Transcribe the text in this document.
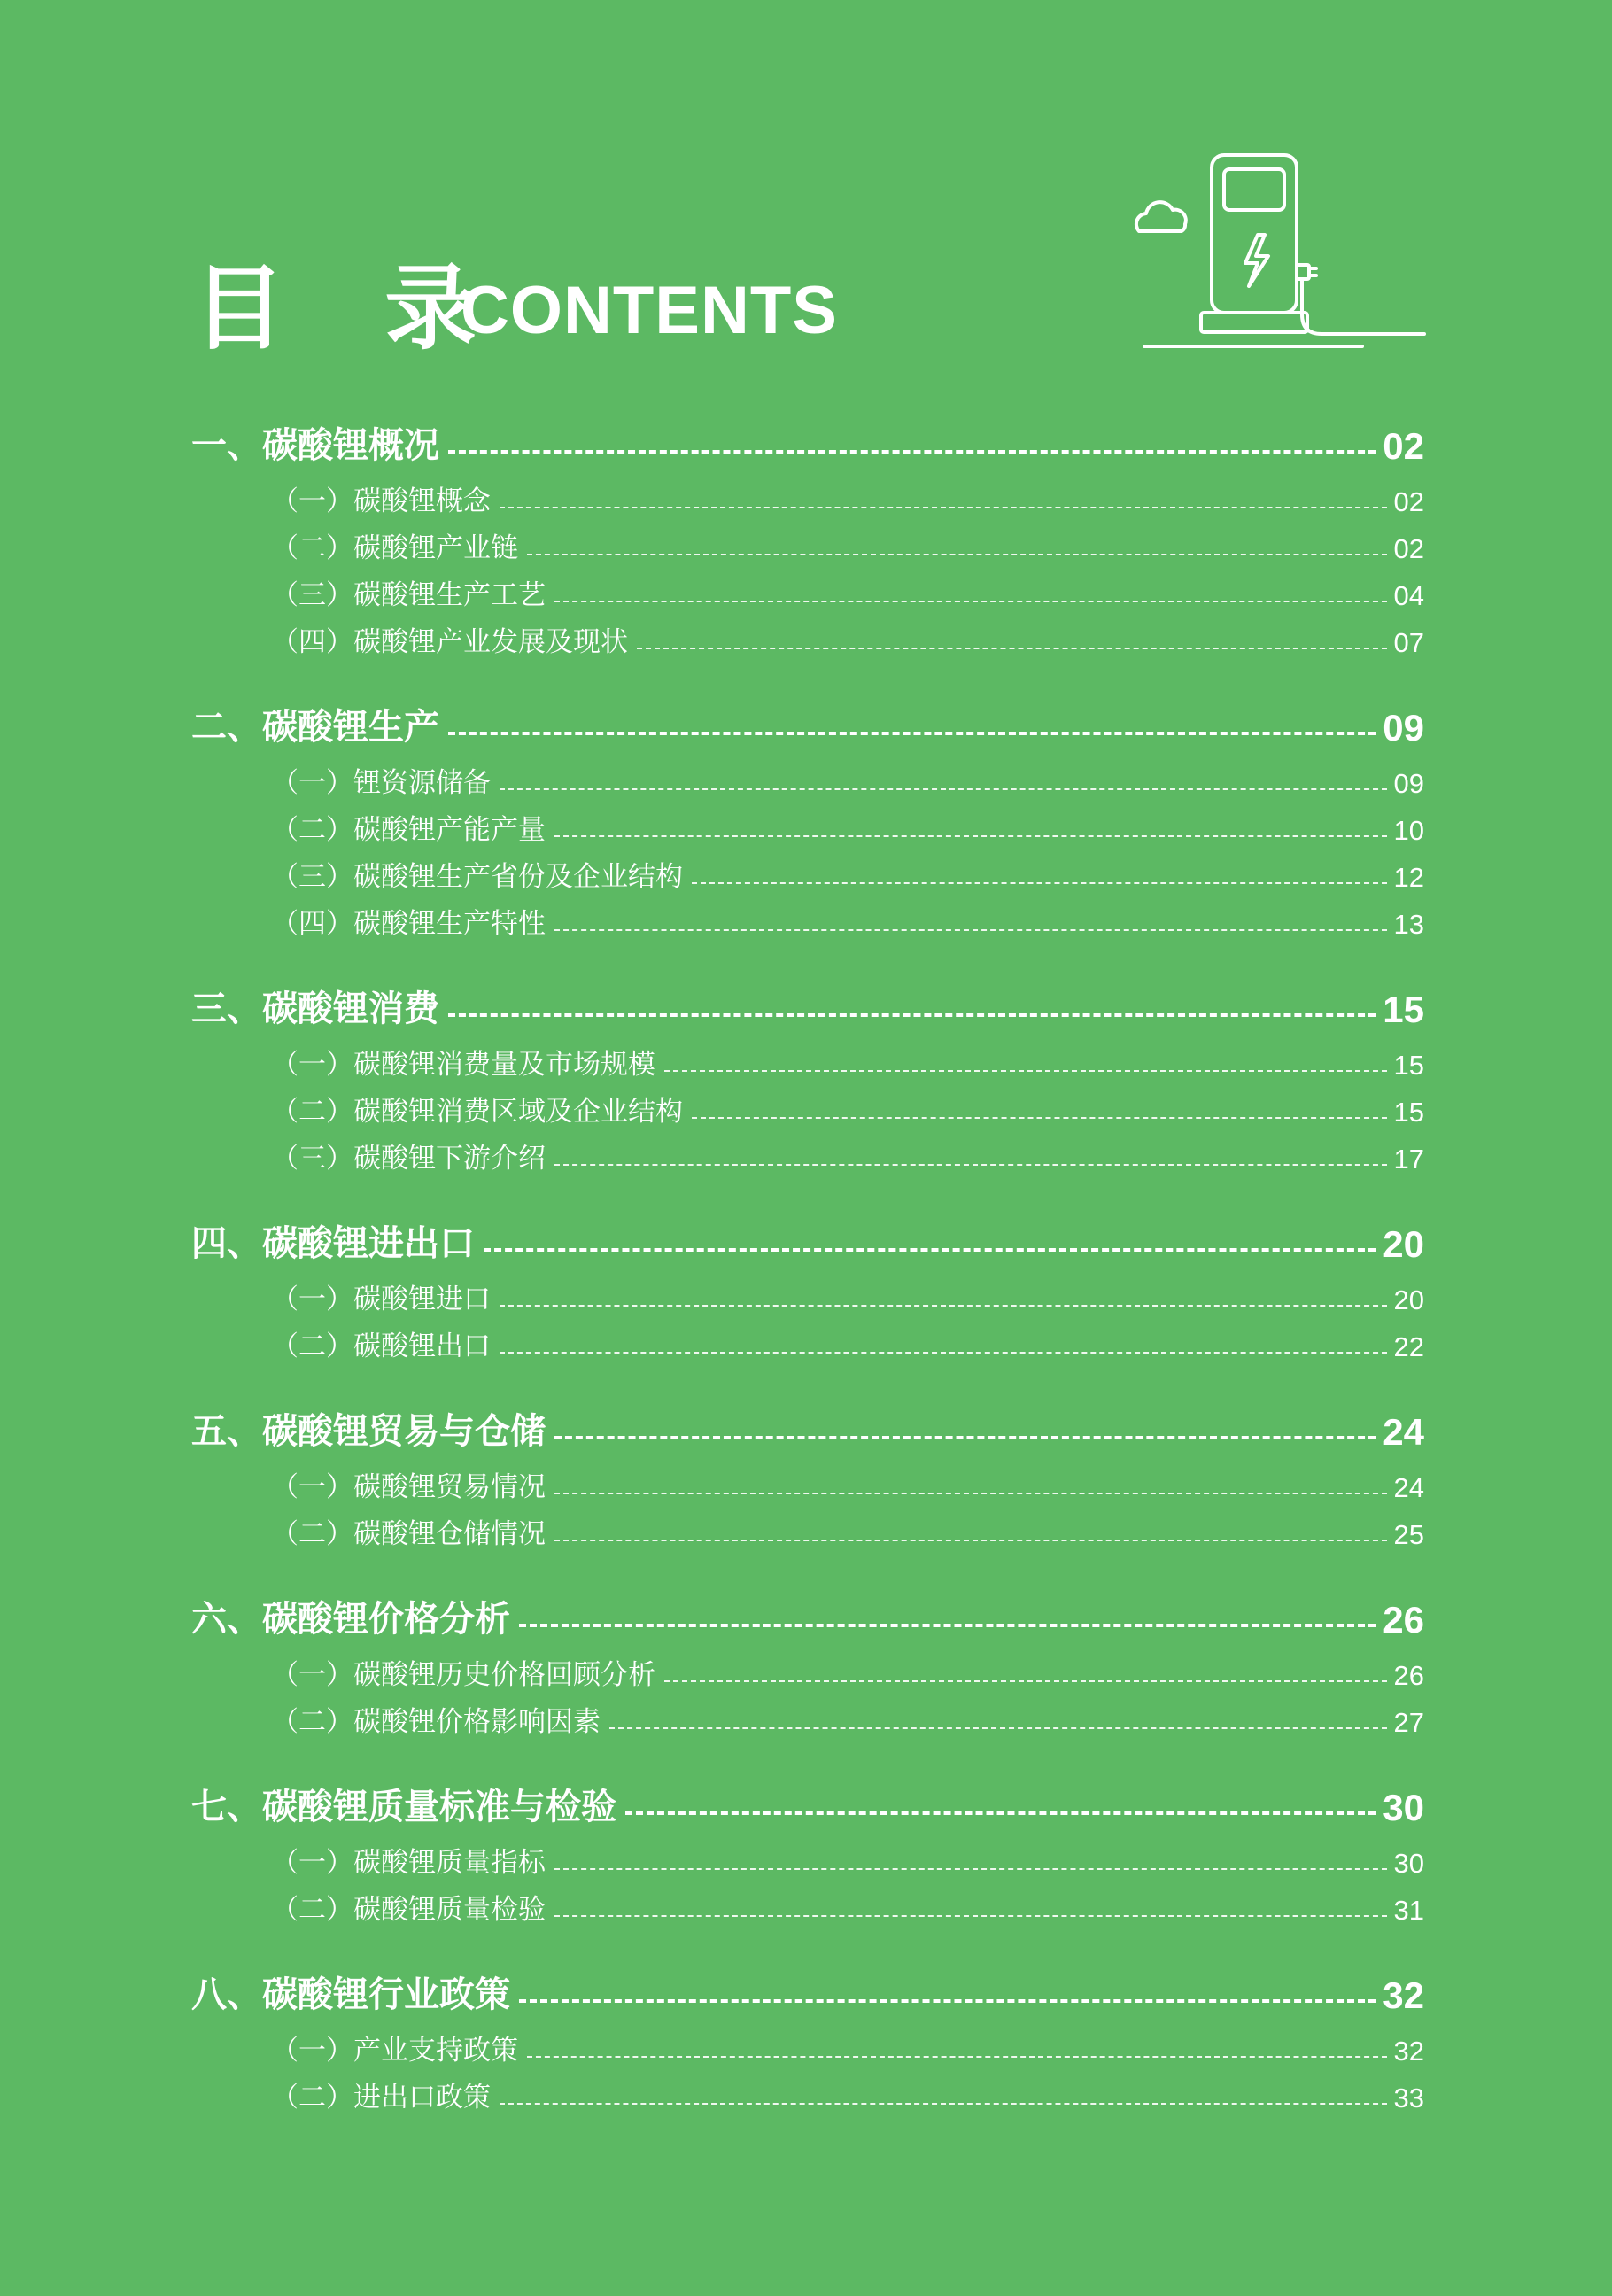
目 录
CONTENTS
一、碳酸锂概况	02
（一）碳酸锂概念	02
（二）碳酸锂产业链	02
（三）碳酸锂生产工艺	04
（四）碳酸锂产业发展及现状	07
二、碳酸锂生产	09
（一）锂资源储备	09
（二）碳酸锂产能产量	10
（三）碳酸锂生产省份及企业结构	12
（四）碳酸锂生产特性	13
三、碳酸锂消费	15
（一）碳酸锂消费量及市场规模	15
（二）碳酸锂消费区域及企业结构	15
（三）碳酸锂下游介绍	17
四、碳酸锂进出口	20
（一）碳酸锂进口	20
（二）碳酸锂出口	22
五、碳酸锂贸易与仓储	24
（一）碳酸锂贸易情况	24
（二）碳酸锂仓储情况	25
六、碳酸锂价格分析	26
（一）碳酸锂历史价格回顾分析	26
（二）碳酸锂价格影响因素	27
七、碳酸锂质量标准与检验	30
（一）碳酸锂质量指标	30
（二）碳酸锂质量检验	31
八、碳酸锂行业政策	32
（一）产业支持政策	32
（二）进出口政策	33
